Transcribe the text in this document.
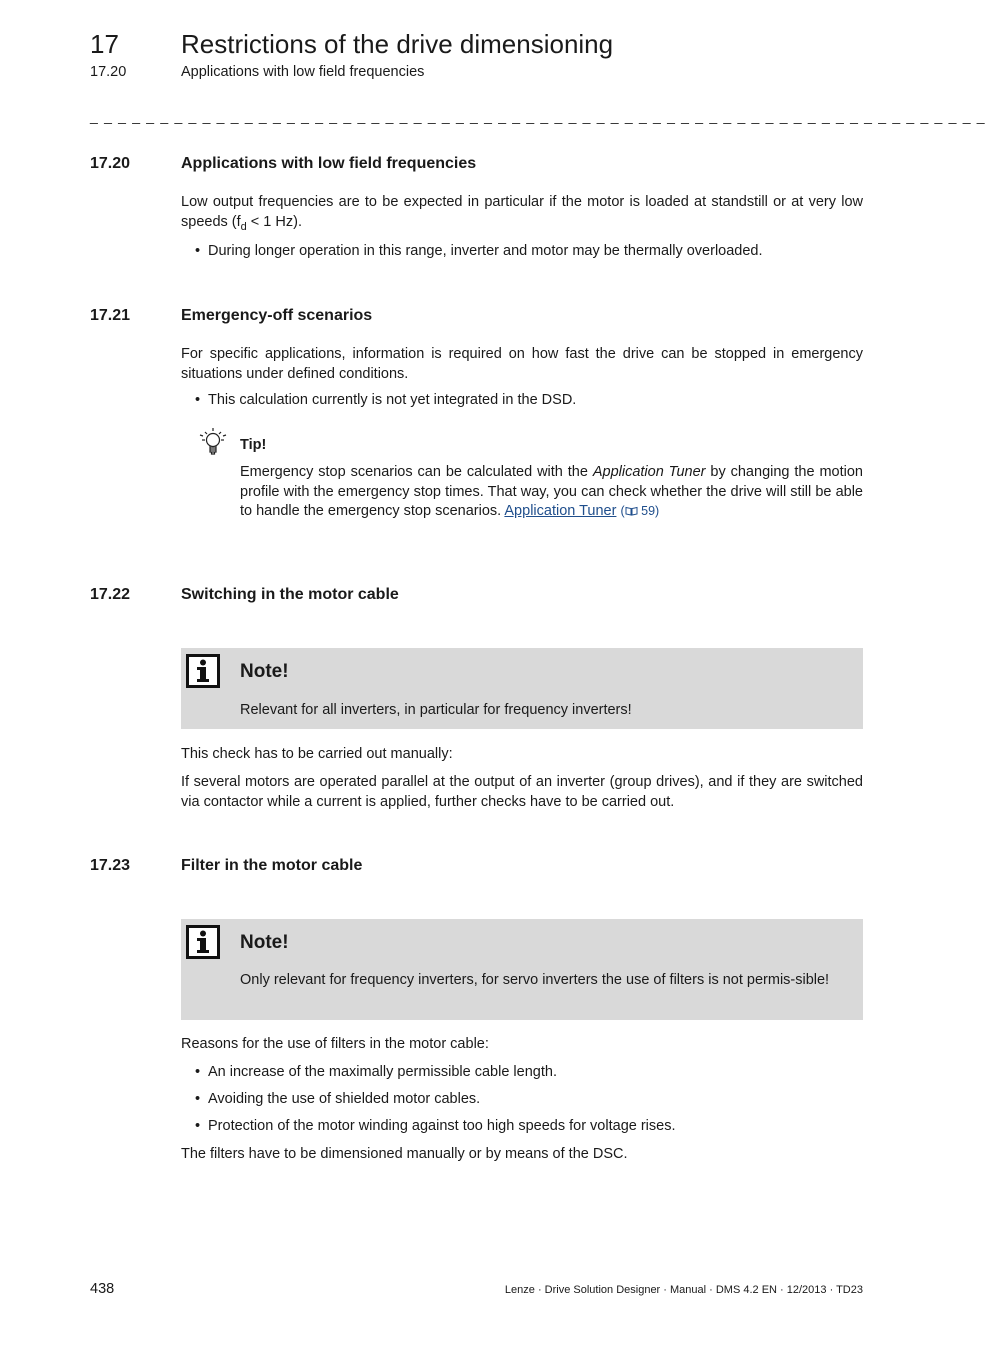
17 Restrictions of the drive dimensioning
17.20	Applications with low field frequencies
_ _ _ _ _ _ _ _ _ _ _ _ _ _ _ _ _ _ _ _ _ _ _ _ _ _ _ _ _ _ _ _ _ _ _ _ _ _ _ _ _ _ _ _ _ _ _ _ _ _ _ _ _ _ _ _ _ _ _ _ _ _ _ _
17.20	Applications with low field frequencies
Low output frequencies are to be expected in particular if the motor is loaded at standstill or at very low speeds ($f_d < 1$ Hz).
• During longer operation in this range, inverter and motor may be thermally overloaded.
17.21	Emergency-off scenarios
For specific applications, information is required on how fast the drive can be stopped in emergency situations under defined conditions.
• This calculation currently is not yet integrated in the DSD.
Tip!
Emergency stop scenarios can be calculated with the Application Tuner by changing the motion profile with the emergency stop times. That way, you can check whether the drive will still be able to handle the emergency stop scenarios. Application Tuner ( 59)
17.22	Switching in the motor cable
Note!
Relevant for all inverters, in particular for frequency inverters!
This check has to be carried out manually:
If several motors are operated parallel at the output of an inverter (group drives), and if they are switched via contactor while a current is applied, further checks have to be carried out.
17.23	Filter in the motor cable
Note!
Only relevant for frequency inverters, for servo inverters the use of filters is not permis-sible!
Reasons for the use of filters in the motor cable:
• An increase of the maximally permissible cable length.
• Avoiding the use of shielded motor cables.
• Protection of the motor winding against too high speeds for voltage rises.
The filters have to be dimensioned manually or by means of the DSC.
438	Lenze · Drive Solution Designer · Manual · DMS 4.2 EN · 12/2013 · TD23
